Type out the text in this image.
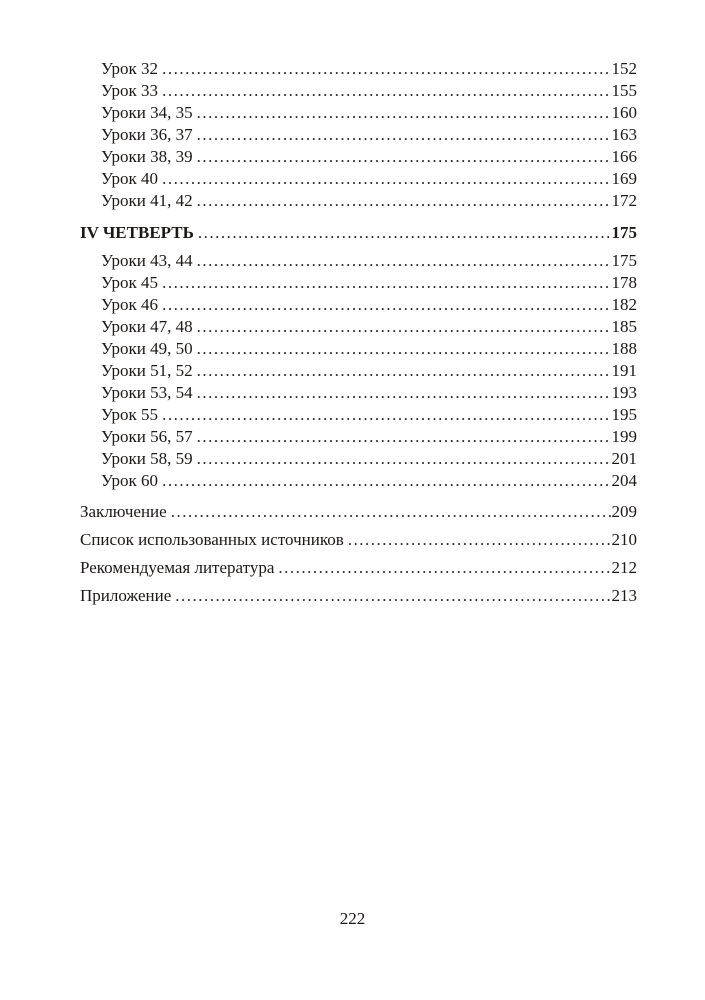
Урок 32 .....	152
Урок 33 .....	155
Уроки 34, 35 .....	160
Уроки 36, 37 .....	163
Уроки 38, 39 .....	166
Урок 40 .....	169
Уроки 41, 42 .....	172
IV ЧЕТВЕРТЬ .....	175
Уроки 43, 44 .....	175
Урок 45 .....	178
Урок 46 .....	182
Уроки 47, 48 .....	185
Уроки 49, 50 .....	188
Уроки 51, 52 .....	191
Уроки 53, 54 .....	193
Урок 55 .....	195
Уроки 56, 57 .....	199
Уроки 58, 59 .....	201
Урок 60 .....	204
Заключение .....	209
Список использованных источников .....	210
Рекомендуемая литература .....	212
Приложение .....	213
222
